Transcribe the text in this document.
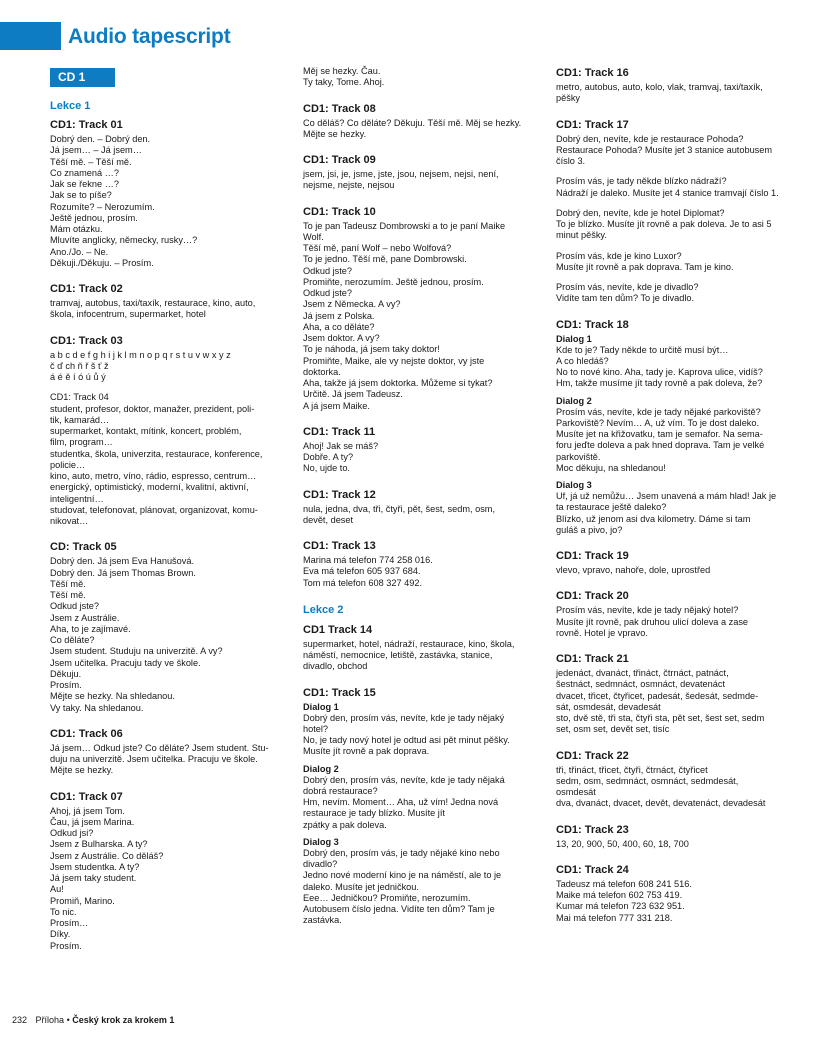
Audio tapescript
CD 1
Lekce 1
CD1: Track 01
Dobrý den. – Dobrý den.
Já jsem… – Já jsem…
Těší mě. – Těší mě.
Co znamená …?
Jak se řekne …?
Jak se to píše?
Rozumíte? – Nerozumím.
Ještě jednou, prosím.
Mám otázku.
Mluvíte anglicky, německy, rusky…?
Ano./Jo. – Ne.
Děkuji./Děkuju. – Prosím.
CD1: Track 02
tramvaj, autobus, taxi/taxík, restaurace, kino, auto,
škola, infocentrum, supermarket, hotel
CD1: Track 03
a b c d e f g h i j k l m n o p q r s t u v w x y z
č ď ch ň ř š ť ž
á é ě í ó ú ů ý
CD1: Track 04
student, profesor, doktor, manažer, prezident, poli-
tik, kamarád…
supermarket, kontakt, mítink, koncert, problém,
film, program…
studentka, škola, univerzita, restaurace, konference,
policie…
kino, auto, metro, víno, rádio, espresso, centrum…
energický, optimistický, moderní, kvalitní, aktivní,
inteligentní…
studovat, telefonovat, plánovat, organizovat, komu-
nikovat…
CD: Track 05
Dobrý den. Já jsem Eva Hanušová.
Dobrý den. Já jsem Thomas Brown.
Těší mě.
Těší mě.
Odkud jste?
Jsem z Austrálie.
Aha, to je zajímavé.
Co děláte?
Jsem student. Studuju na univerzitě. A vy?
Jsem učitelka. Pracuju tady ve škole.
Děkuju.
Prosím.
Mějte se hezky. Na shledanou.
Vy taky. Na shledanou.
CD1: Track 06
Já jsem… Odkud jste? Co děláte? Jsem student. Stu-
duju na univerzitě. Jsem učitelka. Pracuju ve škole.
Mějte se hezky.
CD1: Track 07
Ahoj, já jsem Tom.
Čau, já jsem Marina.
Odkud jsi?
Jsem z Bulharska. A ty?
Jsem z Austrálie. Co děláš?
Jsem studentka. A ty?
Já jsem taky student.
Au!
Promiň, Marino.
To nic.
Prosím…
Díky.
Prosím.
Měj se hezky. Čau.
Ty taky, Tome. Ahoj.
CD1: Track 08
Co děláš? Co děláte? Děkuju. Těší mě. Měj se hezky.
Mějte se hezky.
CD1: Track 09
jsem, jsi, je, jsme, jste, jsou, nejsem, nejsi, není,
nejsme, nejste, nejsou
CD1: Track 10
To je pan Tadeusz Dombrowski a to je paní Maike
Wolf.
Těší mě, paní Wolf – nebo Wolfová?
To je jedno. Těší mě, pane Dombrowski.
Odkud jste?
Promiňte, nerozumím. Ještě jednou, prosím.
Odkud jste?
Jsem z Německa. A vy?
Já jsem z Polska.
Aha, a co děláte?
Jsem doktor. A vy?
To je náhoda, já jsem taky doktor!
Promiňte, Maike, ale vy nejste doktor, vy jste
doktorka.
Aha, takže já jsem doktorka. Můžeme si tykat?
Určitě. Já jsem Tadeusz.
A já jsem Maike.
CD1: Track 11
Ahoj! Jak se máš?
Dobře. A ty?
No, ujde to.
CD1: Track 12
nula, jedna, dva, tři, čtyři, pět, šest, sedm, osm,
devět, deset
CD1: Track 13
Marina má telefon 774 258 016.
Eva má telefon 605 937 684.
Tom má telefon 608 327 492.
Lekce 2
CD1 Track 14
supermarket, hotel, nádraží, restaurace, kino, škola,
náměstí, nemocnice, letiště, zastávka, stanice,
divadlo, obchod
CD1: Track 15
Dialog 1
Dobrý den, prosím vás, nevíte, kde je tady nějaký
hotel?
No, je tady nový hotel je odtud asi pět minut pěšky.
Musíte jít rovně a pak doprava.
Dialog 2
Dobrý den, prosím vás, nevíte, kde je tady nějaká
dobrá restaurace?
Hm, nevím. Moment… Aha, už vím! Jedna nová
restaurace je tady blízko. Musíte jít
zpátky a pak doleva.
Dialog 3
Dobrý den, prosím vás, je tady nějaké kino nebo
divadlo?
Jedno nové moderní kino je na náměstí, ale to je
daleko. Musíte jet jedničkou.
Eee… Jedničkou? Promiňte, nerozumím.
Autobusem číslo jedna. Vidíte ten dům? Tam je
zastávka.
CD1: Track 16
metro, autobus, auto, kolo, vlak, tramvaj, taxi/taxík,
pěšky
CD1: Track 17
Dobrý den, nevíte, kde je restaurace Pohoda?
Restaurace Pohoda? Musíte jet 3 stanice autobusem
číslo 3.
Prosím vás, je tady někde blízko nádraží?
Nádraží je daleko. Musíte jet 4 stanice tramvají číslo 1.
Dobrý den, nevíte, kde je hotel Diplomat?
To je blízko. Musíte jít rovně a pak doleva. Je to asi 5
minut pěšky.
Prosím vás, kde je kino Luxor?
Musíte jít rovně a pak doprava. Tam je kino.
Prosím vás, nevíte, kde je divadlo?
Vidíte tam ten dům? To je divadlo.
CD1: Track 18
Dialog 1
Kde to je? Tady někde to určitě musí být…
A co hledáš?
No to nové kino. Aha, tady je. Kaprova ulice, vidíš?
Hm, takže musíme jít tady rovně a pak doleva, že?
Dialog 2
Prosím vás, nevíte, kde je tady nějaké parkoviště?
Parkoviště? Nevím… A, už vím. To je dost daleko.
Musíte jet na křižovatku, tam je semafor. Na sema-
foru jeďte doleva a pak hned doprava. Tam je velké
parkoviště.
Moc děkuju, na shledanou!
Dialog 3
Uf, já už nemůžu… Jsem unavená a mám hlad! Jak je
ta restaurace ještě daleko?
Blízko, už jenom asi dva kilometry. Dáme si tam
guláš a pivo, jo?
CD1: Track 19
vlevo, vpravo, nahoře, dole, uprostřed
CD1: Track 20
Prosím vás, nevíte, kde je tady nějaký hotel?
Musíte jít rovně, pak druhou ulicí doleva a zase
rovně. Hotel je vpravo.
CD1: Track 21
jedenáct, dvanáct, třináct, čtrnáct, patnáct,
šestnáct, sedmnáct, osmnáct, devatenáct
dvacet, třicet, čtyřicet, padesát, šedesát, sedmde-
sát, osmdesát, devadesát
sto, dvě stě, tři sta, čtyři sta, pět set, šest set, sedm
set, osm set, devět set, tisíc
CD1: Track 22
tři, třináct, třicet, čtyři, čtrnáct, čtyřicet
sedm, osm, sedmnáct, osmnáct, sedmdesát,
osmdesát
dva, dvanáct, dvacet, devět, devatenáct, devadesát
CD1: Track 23
13, 20, 900, 50, 400, 60, 18, 700
CD1: Track 24
Tadeusz má telefon 608 241 516.
Maike má telefon 602 753 419.
Kumar má telefon 723 632 951.
Mai má telefon 777 331 218.
232 Příloha • Český krok za krokem 1
